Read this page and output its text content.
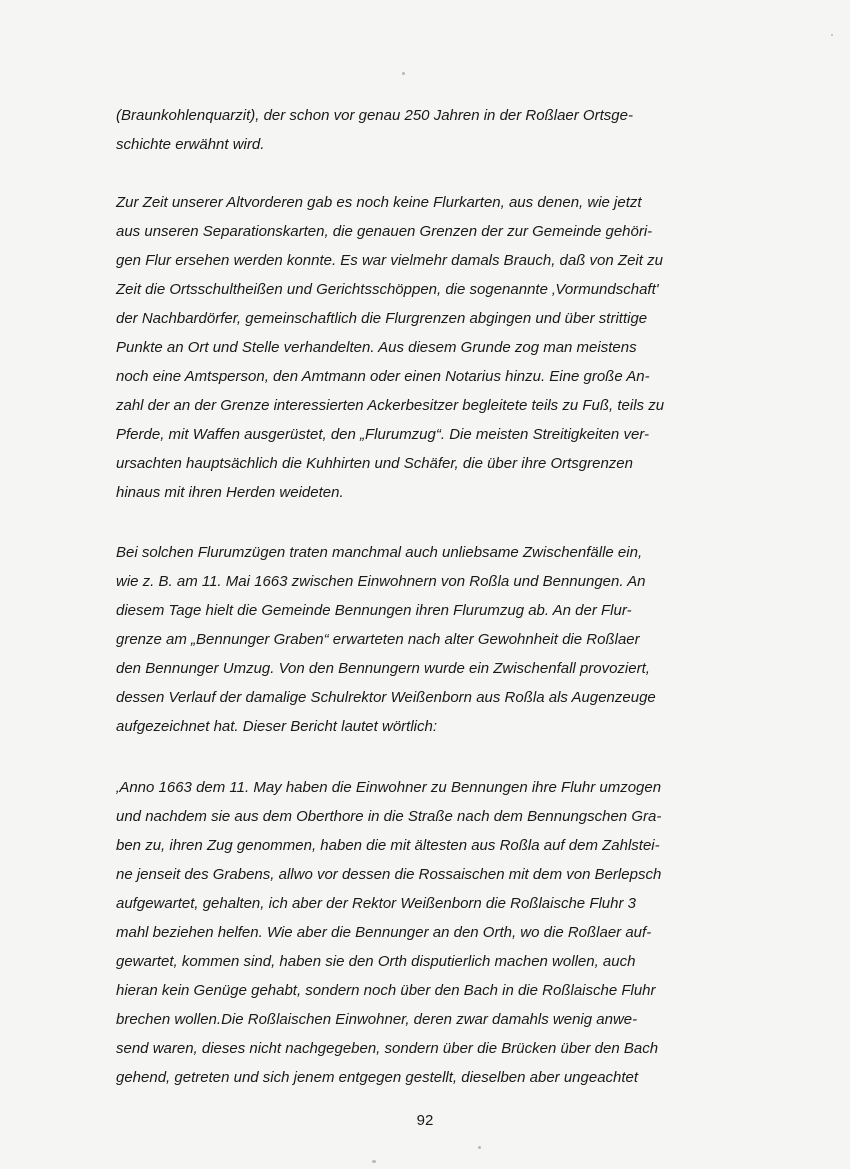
(Braunkohlenquarzit), der schon vor genau 250 Jahren in der Roßlaer Ortsge-
schichte erwähnt wird.
Zur Zeit unserer Altvorderen gab es noch keine Flurkarten, aus denen, wie jetzt
aus unseren Separationskarten, die genauen Grenzen der zur Gemeinde gehöri-
gen Flur ersehen werden konnte. Es war vielmehr damals Brauch, daß von Zeit zu
Zeit die Ortsschultheißen und Gerichtsschöppen, die sogenannte ‚Vormundschaft'
der Nachbardörfer, gemeinschaftlich die Flurgrenzen abgingen und über strittige
Punkte an Ort und Stelle verhandelten. Aus diesem Grunde zog man meistens
noch eine Amtsperson, den Amtmann oder einen Notarius hinzu. Eine große An-
zahl der an der Grenze interessierten Ackerbesitzer begleitete teils zu Fuß, teils zu
Pferde, mit Waffen ausgerüstet, den „Flurumzug“. Die meisten Streitigkeiten ver-
ursachten hauptsächlich die Kuhhirten und Schäfer, die über ihre Ortsgrenzen
hinaus mit ihren Herden weideten.
Bei solchen Flurumzügen traten manchmal auch unliebsame Zwischenfälle ein,
wie z. B. am 11. Mai 1663 zwischen Einwohnern von Roßla und Bennungen. An
diesem Tage hielt die Gemeinde Bennungen ihren Flurumzug ab. An der Flur-
grenze am „Bennunger Graben“ erwarteten nach alter Gewohnheit die Roßlaer
den Bennunger Umzug. Von den Bennungern wurde ein Zwischenfall provoziert,
dessen Verlauf der damalige Schulrektor Weißenborn aus Roßla als Augenzeuge
aufgezeichnet hat. Dieser Bericht lautet wörtlich:
‚Anno 1663 dem 11. May haben die Einwohner zu Bennungen ihre Fluhr umzogen
und nachdem sie aus dem Oberthore in die Straße nach dem Bennungschen Gra-
ben zu, ihren Zug genommen, haben die mit ältesten aus Roßla auf dem Zahlstei-
ne jenseit des Grabens, allwo vor dessen die Rossaischen mit dem von Berlepsch
aufgewartet, gehalten, ich aber der Rektor Weißenborn die Roßlaische Fluhr 3
mahl beziehen helfen. Wie aber die Bennunger an den Orth, wo die Roßlaer auf-
gewartet, kommen sind, haben sie den Orth disputierlich machen wollen, auch
hieran kein Genüge gehabt, sondern noch über den Bach in die Roßlaische Fluhr
brechen wollen.Die Roßlaischen Einwohner, deren zwar damahls wenig anwe-
send waren, dieses nicht nachgegeben, sondern über die Brücken über den Bach
gehend, getreten und sich jenem entgegen gestellt, dieselben aber ungeachtet
92
